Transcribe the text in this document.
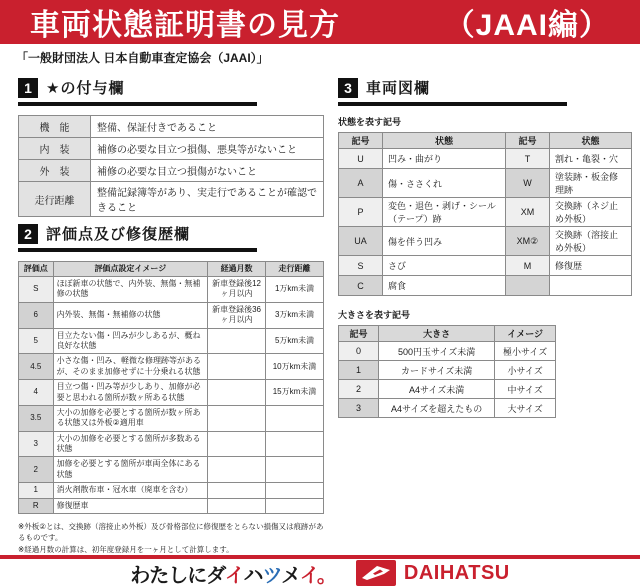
車両状態証明書の見方	（JAAI編）
「一般財団法人 日本自動車査定協会（JAAI）」
1 ★の付与欄
機　能	整備、保証付きであること
内　装	補修の必要な目立つ損傷、悪臭等がないこと
外　装	補修の必要な目立つ損傷がないこと
走行距離	整備記録簿等があり、実走行であることが確認できること
2 評価点及び修復歴欄
評価点	評価点設定イメージ	経過月数	走行距離
S	ほぼ新車の状態で、内外装、無傷・無補修の状態	新車登録後12ヶ月以内	1万km未満
6	内外装、無傷・無補修の状態	新車登録後36ヶ月以内	3万km未満
5	目立たない傷・凹みが少しあるが、概ね良好な状態		5万km未満
4.5	小さな傷・凹み、軽微な修理跡等があるが、そのまま加修せずに十分乗れる状態		10万km未満
4	目立つ傷・凹み等が少しあり、加修が必要と思われる箇所が数ヶ所ある状態		15万km未満
3.5	大小の加修を必要とする箇所が数ヶ所ある状態又は外板②適用車		
3	大小の加修を必要とする箇所が多数ある状態		
2	加修を必要とする箇所が車両全体にある状態		
1	消火剤散布車・冠水車（廃車を含む）		
R	修復歴車		
※外板②とは、交換跡（溶接止め外板）及び骨格部位に修復歴をとらない損傷又は痕跡があるものです。
※経過月数の計算は、初年度登録月を一ヶ月として計算します。
3 車両図欄
状態を表す記号
記号	状態	記号	状態
U	凹み・曲がり	T	割れ・亀裂・穴
A	傷・ささくれ	W	塗装跡・板金修理跡
P	変色・退色・剥げ・シール（テープ）跡	XM	交換跡（ネジ止め外板）
UA	傷を伴う凹み	XM②	交換跡（溶接止め外板）
S	さび	M	修復歴
C	腐食		
大きさを表す記号
記号	大きさ	イメージ
0	500円玉サイズ未満	極小サイズ
1	カードサイズ未満	小サイズ
2	A4サイズ未満	中サイズ
3	A4サイズを超えたもの	大サイズ
わたしにダイハツメイ。	DAIHATSU
